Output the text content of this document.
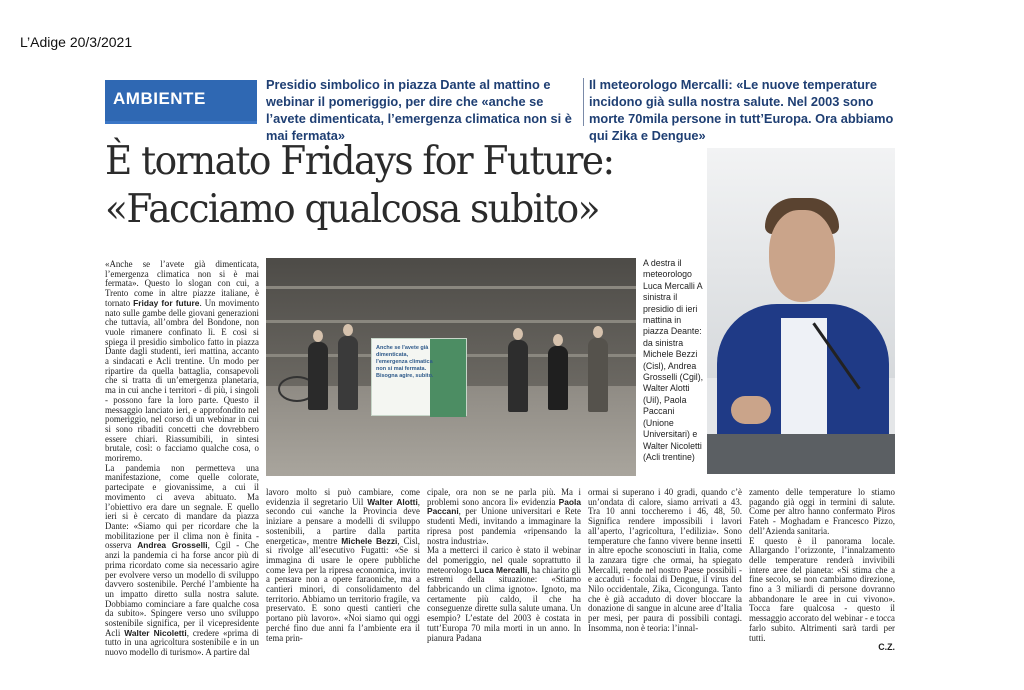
L’Adige 20/3/2021
AMBIENTE
Presidio simbolico in piazza Dante al mattino e webinar il pomeriggio, per dire che «anche se l’avete dimenticata, l’emergenza climatica non si è mai fermata»
Il meteorologo Mercalli: «Le nuove temperature incidono già sulla nostra salute. Nel 2003 sono morte 70mila persone in tutt’Europa. Ora abbiamo qui Zika e Dengue»
È tornato Fridays for Future:
«Facciamo qualcosa subito»
Anche se l'avete già dimenticata, l'emergenza climatica non si mai fermata. Bisogna agire, subito.
A destra il meteorologo Luca Mercalli A sinistra il presidio di ieri mattina in piazza Deante: da sinistra Michele Bezzi (Cisl), Andrea Grosselli (Cgil), Walter Alotti (Uil), Paola Paccani (Unione Universitari) e Walter Nicoletti (Acli trentine)

«Anche se l’avete già dimenticata, l’emergenza climatica non si è mai fermata». Questo lo slogan con cui, a Trento come in altre piazze italiane, è tornato Friday for future. Un movimento nato sulle gambe delle giovani generazioni che tuttavia, all’ombra del Bondone, non vuole rimanere confinato lì. E così si spiega il presidio simbolico fatto in piazza Dante dagli studenti, ieri mattina, accanto a sindacati e Acli trentine. Un modo per ripartire da quella battaglia, consapevoli che si tratta di un’emergenza planetaria, ma in cui anche i territori - di più, i singoli - possono fare la loro parte. Questo il messaggio lanciato ieri, e approfondito nel pomeriggio, nel corso di un webinar in cui si sono ribaditi concetti che dovrebbero essere chiari. Riassumibili, in sintesi brutale, così: o facciamo qualche cosa, o moriremo.

La pandemia non permetteva una manifestazione, come quelle colorate, partecipate e giovanissime, a cui il movimento ci aveva abituato. Ma l’obiettivo era dare un segnale. E quello ieri si è cercato di mandare da piazza Dante: «Siamo qui per ricordare che la mobilitazione per il clima non è finita - osserva Andrea Grosselli, Cgil - Che anzi la pandemia ci ha forse ancor più di prima ricordato come sia necessario agire per evolvere verso un modello di sviluppo davvero sostenibile. Perché l’ambiente ha un impatto diretto sulla nostra salute. Dobbiamo cominciare a fare qualche cosa da subito». Spingere verso uno sviluppo sostenibile significa, per il vicepresidente Acli Walter Nicoletti, credere «prima di tutto in una agricoltura sostenibile e in un nuovo modello di turismo». A partire dal

lavoro molto si può cambiare, come evidenzia il segretario Uil Walter Alotti, secondo cui «anche la Provincia deve iniziare a pensare a modelli di sviluppo sostenibili, a partire dalla partita energetica», mentre Michele Bezzi, Cisl, si rivolge all’esecutivo Fugatti: «Se si immagina di usare le opere pubbliche come leva per la ripresa economica, invito a pensare non a opere faraoniche, ma a cantieri minori, di consolidamento del territorio. Abbiamo un territorio fragile, va preservato. E sono questi cantieri che portano più lavoro». «Noi siamo qui oggi perché fino due anni fa l’ambiente era il tema prin-

cipale, ora non se ne parla più. Ma i problemi sono ancora lì» evidenzia Paola Paccani, per Unione universitari e Rete studenti Medi, invitando a immaginare la ripresa post pandemia «ripensando la nostra industria».

Ma a metterci il carico è stato il webinar del pomeriggio, nel quale soprattutto il meteorologo Luca Mercalli, ha chiarito gli estremi della situazione: «Stiamo fabbricando un clima ignoto». Ignoto, ma certamente più caldo, il che ha conseguenze dirette sulla salute umana. Un esempio? L’estate del 2003 è costata in tutt’Europa 70 mila morti in un anno. In pianura Padana

ormai si superano i 40 gradi, quando c’è un’ondata di calore, siamo arrivati a 43. Tra 10 anni toccheremo i 46, 48, 50. Significa rendere impossibili i lavori all’aperto, l’agricoltura, l’edilizia». Sono temperature che fanno vivere benne insetti in altre epoche sconosciuti in Italia, come la zanzara tigre che ormai, ha spiegato Mercalli, rende nel nostro Paese possibili - e accaduti - focolai di Dengue, il virus del Nilo occidentale, Zika, Cicongunga. Tanto che è già accaduto di dover bloccare la donazione di sangue in alcune aree d’Italia per mesi, per paura di possibili contagi. Insomma, non è teoria: l’innal-

zamento delle temperature lo stiamo pagando già oggi in termini di salute. Come per altro hanno confermato Piros Fateh - Moghadam e Francesco Pizzo, dell’Azienda sanitaria.

E questo è il panorama locale. Allargando l’orizzonte, l’innalzamento delle temperature renderà invivibili intere aree del pianeta: «Si stima che a fine secolo, se non cambiamo direzione, fino a 3 miliardi di persone dovranno abbandonare le aree in cui vivono». Tocca fare qualcosa - questo il messaggio accorato del webinar - e tocca farlo subito. Altrimenti sarà tardi per tutti.

C.Z.
